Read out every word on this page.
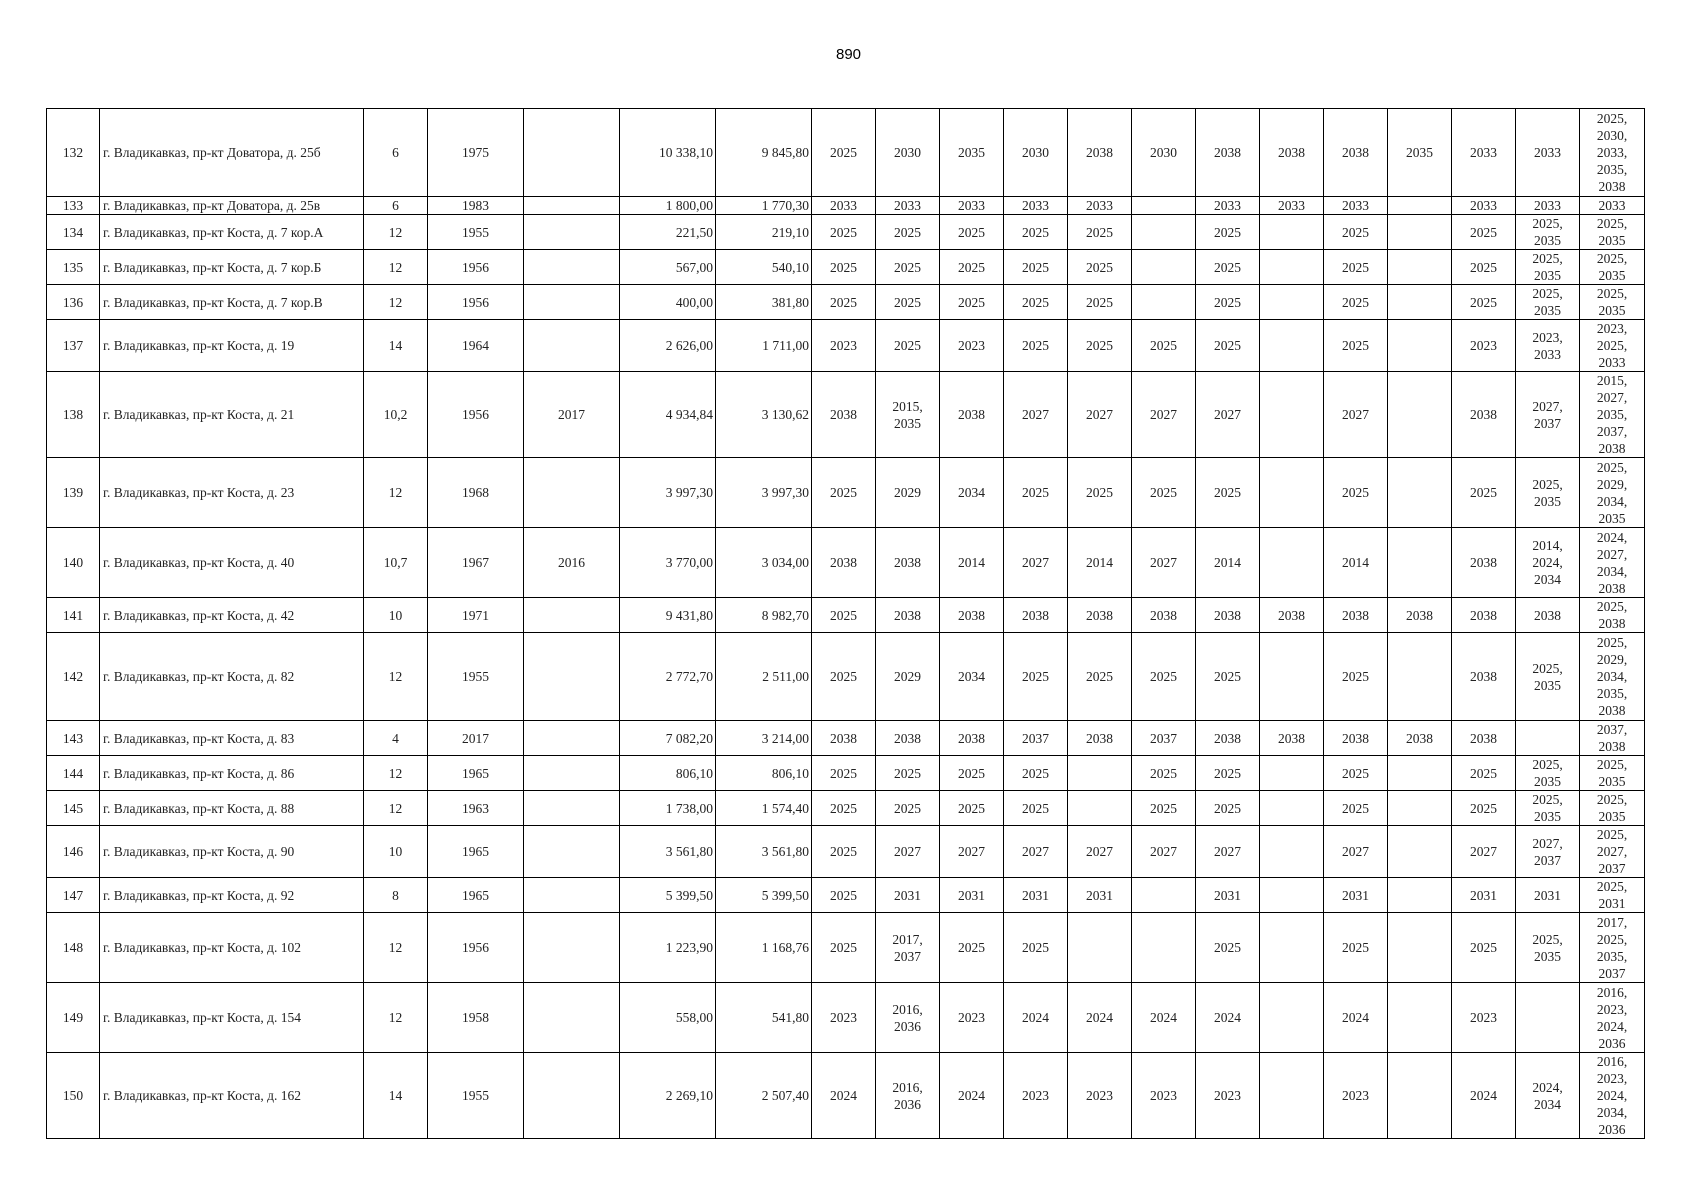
890
132	г. Владикавказ, пр-кт Доватора, д. 25б	6	1975		10 338,10	9 845,80	2025	2030	2035	2030	2038	2030	2038	2038	2038	2035	2033	2033	2025, 2030, 2033, 2035, 2038
133	г. Владикавказ, пр-кт Доватора, д. 25в	6	1983		1 800,00	1 770,30	2033	2033	2033	2033	2033		2033	2033	2033		2033	2033	2033
134	г. Владикавказ, пр-кт Коста, д. 7 кор.А	12	1955		221,50	219,10	2025	2025	2025	2025	2025		2025		2025		2025	2025, 2035	2025, 2035
135	г. Владикавказ, пр-кт Коста, д. 7 кор.Б	12	1956		567,00	540,10	2025	2025	2025	2025	2025		2025		2025		2025	2025, 2035	2025, 2035
136	г. Владикавказ, пр-кт Коста, д. 7 кор.В	12	1956		400,00	381,80	2025	2025	2025	2025	2025		2025		2025		2025	2025, 2035	2025, 2035
137	г. Владикавказ, пр-кт Коста, д. 19	14	1964		2 626,00	1 711,00	2023	2025	2023	2025	2025	2025	2025		2025		2023	2023, 2033	2023, 2025, 2033
138	г. Владикавказ, пр-кт Коста, д. 21	10,2	1956	2017	4 934,84	3 130,62	2038	2015, 2035	2038	2027	2027	2027	2027		2027		2038	2027, 2037	2015, 2027, 2035, 2037, 2038
139	г. Владикавказ, пр-кт Коста, д. 23	12	1968		3 997,30	3 997,30	2025	2029	2034	2025	2025	2025	2025		2025		2025	2025, 2035	2025, 2029, 2034, 2035
140	г. Владикавказ, пр-кт Коста, д. 40	10,7	1967	2016	3 770,00	3 034,00	2038	2038	2014	2027	2014	2027	2014		2014		2038	2014, 2024, 2034	2024, 2027, 2034, 2038
141	г. Владикавказ, пр-кт Коста, д. 42	10	1971		9 431,80	8 982,70	2025	2038	2038	2038	2038	2038	2038	2038	2038	2038	2038	2038	2025, 2038
142	г. Владикавказ, пр-кт Коста, д. 82	12	1955		2 772,70	2 511,00	2025	2029	2034	2025	2025	2025	2025		2025		2038	2025, 2035	2025, 2029, 2034, 2035, 2038
143	г. Владикавказ, пр-кт Коста, д. 83	4	2017		7 082,20	3 214,00	2038	2038	2038	2037	2038	2037	2038	2038	2038	2038	2038		2037, 2038
144	г. Владикавказ, пр-кт Коста, д. 86	12	1965		806,10	806,10	2025	2025	2025	2025		2025	2025		2025		2025	2025, 2035	2025, 2035
145	г. Владикавказ, пр-кт Коста, д. 88	12	1963		1 738,00	1 574,40	2025	2025	2025	2025		2025	2025		2025		2025	2025, 2035	2025, 2035
146	г. Владикавказ, пр-кт Коста, д. 90	10	1965		3 561,80	3 561,80	2025	2027	2027	2027	2027	2027	2027		2027		2027	2027, 2037	2025, 2027, 2037
147	г. Владикавказ, пр-кт Коста, д. 92	8	1965		5 399,50	5 399,50	2025	2031	2031	2031	2031		2031		2031		2031	2031	2025, 2031
148	г. Владикавказ, пр-кт Коста, д. 102	12	1956		1 223,90	1 168,76	2025	2017, 2037	2025	2025			2025		2025		2025	2025, 2035	2017, 2025, 2035, 2037
149	г. Владикавказ, пр-кт Коста, д. 154	12	1958		558,00	541,80	2023	2016, 2036	2023	2024	2024	2024	2024		2024		2023		2016, 2023, 2024, 2036
150	г. Владикавказ, пр-кт Коста, д. 162	14	1955		2 269,10	2 507,40	2024	2016, 2036	2024	2023	2023	2023	2023		2023		2024	2024, 2034	2016, 2023, 2024, 2034, 2036
